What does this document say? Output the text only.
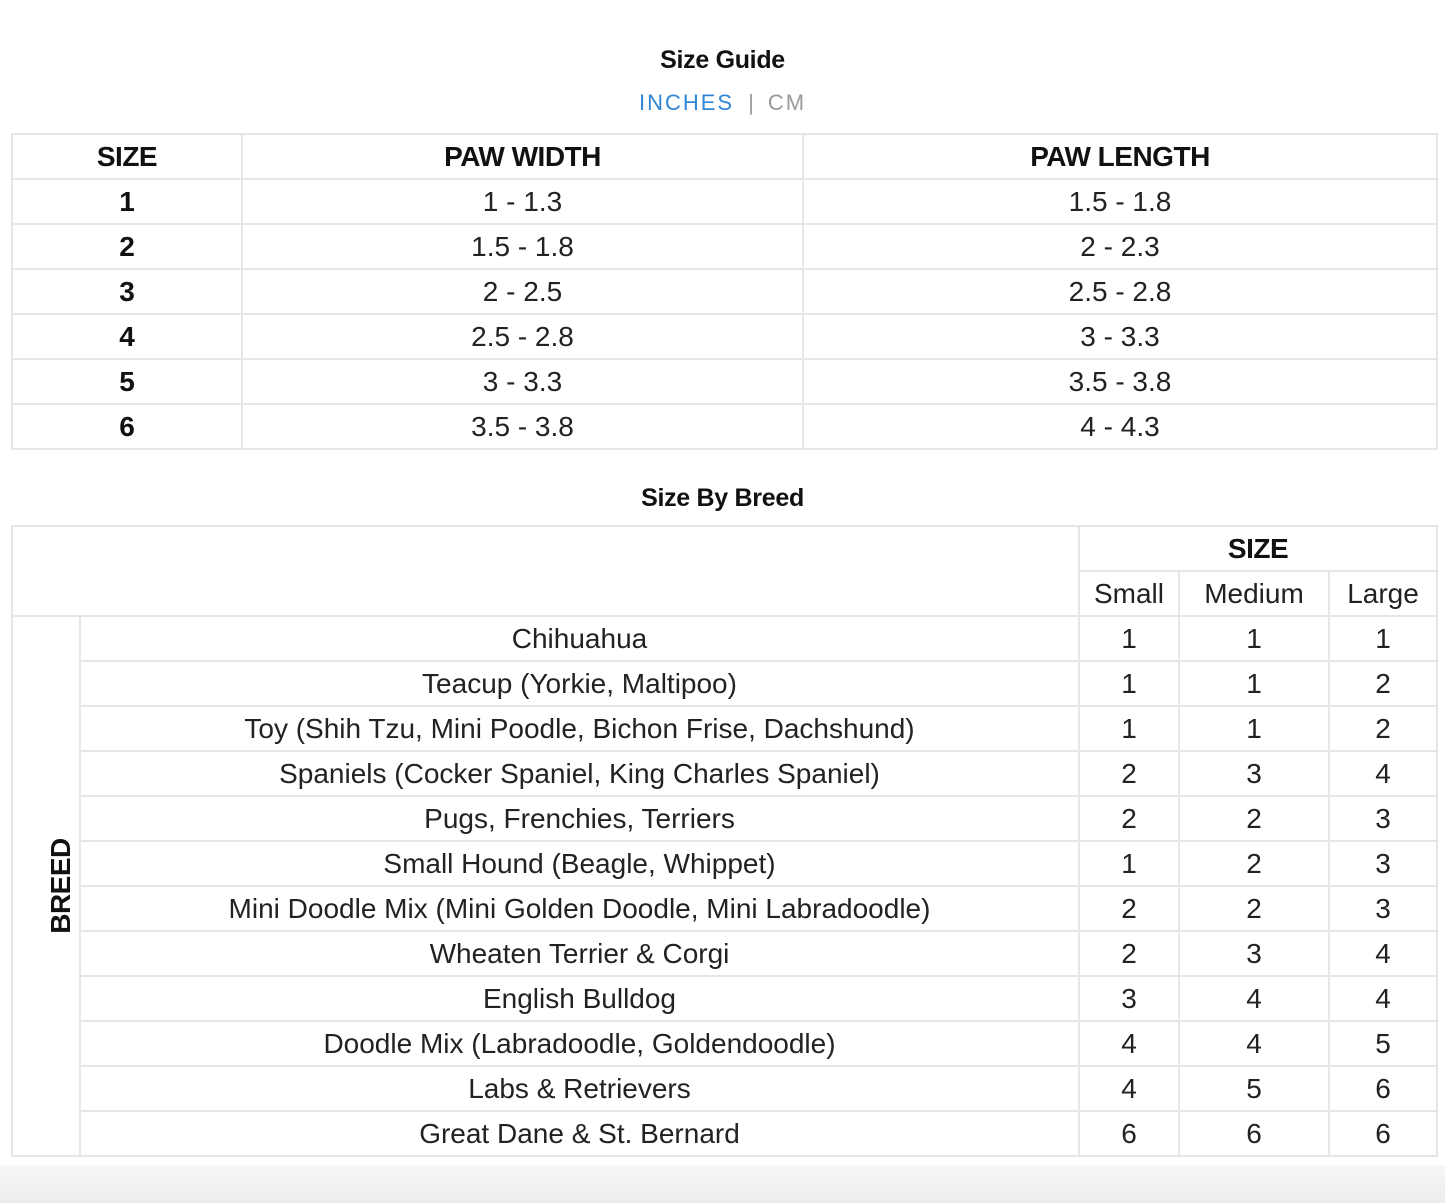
Size Guide
INCHES | CM
SIZE	PAW WIDTH	PAW LENGTH
1	1 - 1.3	1.5 - 1.8
2	1.5 - 1.8	2 - 2.3
3	2 - 2.5	2.5 - 2.8
4	2.5 - 2.8	3 - 3.3
5	3 - 3.3	3.5 - 3.8
6	3.5 - 3.8	4 - 4.3
Size By Breed
		SIZE		
		Small	Medium	Large
BREED	Chihuahua	1	1	1
	Teacup (Yorkie, Maltipoo)	1	1	2
	Toy (Shih Tzu, Mini Poodle, Bichon Frise, Dachshund)	1	1	2
	Spaniels (Cocker Spaniel, King Charles Spaniel)	2	3	4
	Pugs, Frenchies, Terriers	2	2	3
	Small Hound (Beagle, Whippet)	1	2	3
	Mini Doodle Mix (Mini Golden Doodle, Mini Labradoodle)	2	2	3
	Wheaten Terrier & Corgi	2	3	4
	English Bulldog	3	4	4
	Doodle Mix (Labradoodle, Goldendoodle)	4	4	5
	Labs & Retrievers	4	5	6
	Great Dane & St. Bernard	6	6	6
